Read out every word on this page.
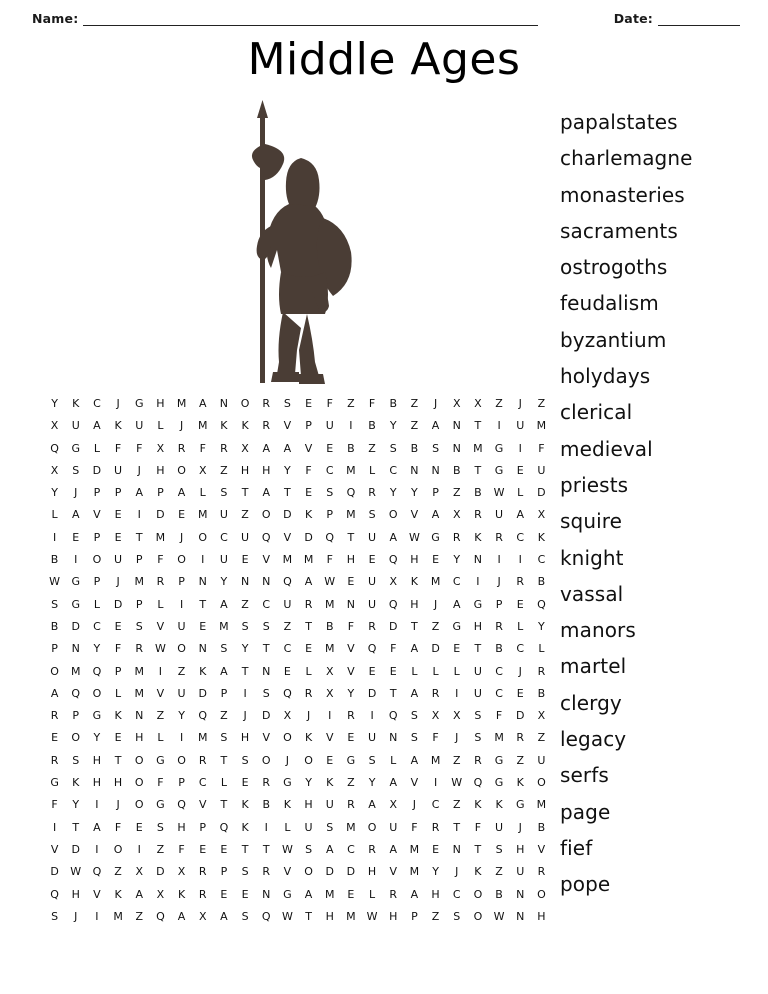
Name:	Date:
Middle Ages
papalstates
charlemagne
monasteries
sacraments
ostrogoths
feudalism
byzantium
holydays
clerical
medieval
priests
squire
knight
vassal
manors
martel
clergy
legacy
serfs
page
fief
pope
Y	K	C	J	G	H	M	A	N	O	R	S	E	F	Z	F	B	Z	J	X	X	Z	J	Z
X	U	A	K	U	L	J	M	K	K	R	V	P	U	I	B	Y	Z	A	N	T	I	U	M
Q	G	L	F	F	X	R	F	R	X	A	A	V	E	B	Z	S	B	S	N	M	G	I	F
X	S	D	U	J	H	O	X	Z	H	H	Y	F	C	M	L	C	N	N	B	T	G	E	U
Y	J	P	P	A	P	A	L	S	T	A	T	E	S	Q	R	Y	Y	P	Z	B	W	L	D
L	A	V	E	I	D	E	M	U	Z	O	D	K	P	M	S	O	V	A	X	R	U	A	X
I	E	P	E	T	M	J	O	C	U	Q	V	D	Q	T	U	A	W	G	R	K	R	C	K
B	I	O	U	P	F	O	I	U	E	V	M	M	F	H	E	Q	H	E	Y	N	I	I	C
W	G	P	J	M	R	P	N	Y	N	N	Q	A	W	E	U	X	K	M	C	I	J	R	B
S	G	L	D	P	L	I	T	A	Z	C	U	R	M	N	U	Q	H	J	A	G	P	E	Q
B	D	C	E	S	V	U	E	M	S	S	Z	T	B	F	R	D	T	Z	G	H	R	L	Y
P	N	Y	F	R	W	O	N	S	Y	T	C	E	M	V	Q	F	A	D	E	T	B	C	L
O	M	Q	P	M	I	Z	K	A	T	N	E	L	X	V	E	E	L	L	L	U	C	J	R
A	Q	O	L	M	V	U	D	P	I	S	Q	R	X	Y	D	T	A	R	I	U	C	E	B
R	P	G	K	N	Z	Y	Q	Z	J	D	X	J	I	R	I	Q	S	X	X	S	F	D	X
E	O	Y	E	H	L	I	M	S	H	V	O	K	V	E	U	N	S	F	J	S	M	R	Z
R	S	H	T	O	G	O	R	T	S	O	J	O	E	G	S	L	A	M	Z	R	G	Z	U
G	K	H	H	O	F	P	C	L	E	R	G	Y	K	Z	Y	A	V	I	W	Q	G	K	O
F	Y	I	J	O	G	Q	V	T	K	B	K	H	U	R	A	X	J	C	Z	K	K	G	M
I	T	A	F	E	S	H	P	Q	K	I	L	U	S	M	O	U	F	R	T	F	U	J	B
V	D	I	O	I	Z	F	E	E	T	T	W	S	A	C	R	A	M	E	N	T	S	H	V
D	W	Q	Z	X	D	X	R	P	S	R	V	O	D	D	H	V	M	Y	J	K	Z	U	R
Q	H	V	K	A	X	K	R	E	E	N	G	A	M	E	L	R	A	H	C	O	B	N	O
S	J	I	M	Z	Q	A	X	A	S	Q	W	T	H	M W	H	P	Z	S	O	W	N	H
